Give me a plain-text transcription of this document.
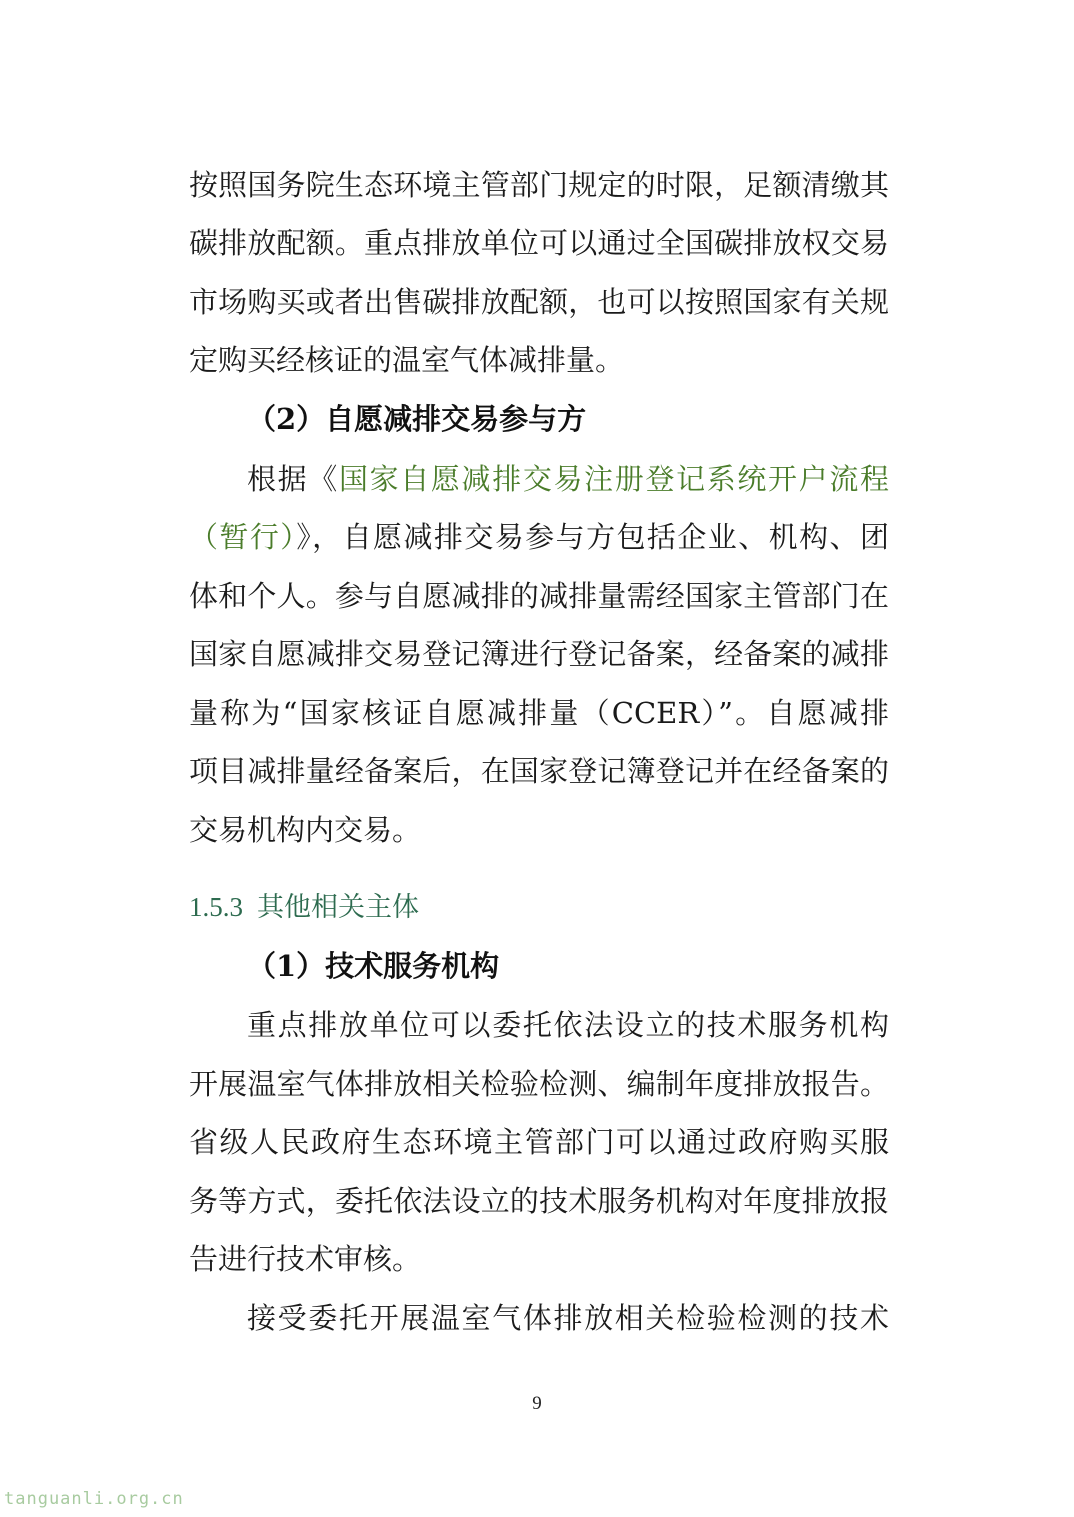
按照国务院生态环境主管部门规定的时限，足额清缴其
碳排放配额。重点排放单位可以通过全国碳排放权交易
市场购买或者出售碳排放配额，也可以按照国家有关规
定购买经核证的温室气体减排量。
（2）自愿减排交易参与方
根据《国家自愿减排交易注册登记系统开户流程
（暂行）》，自愿减排交易参与方包括企业、机构、团
体和个人。参与自愿减排的减排量需经国家主管部门在
国家自愿减排交易登记簿进行登记备案，经备案的减排
量称为“国家核证自愿减排量（CCER）”。自愿减排
项目减排量经备案后，在国家登记簿登记并在经备案的
交易机构内交易。
1.5.3 其他相关主体
（1）技术服务机构
重点排放单位可以委托依法设立的技术服务机构
开展温室气体排放相关检验检测、编制年度排放报告。
省级人民政府生态环境主管部门可以通过政府购买服
务等方式，委托依法设立的技术服务机构对年度排放报
告进行技术审核。
接受委托开展温室气体排放相关检验检测的技术
9
tanguanli.org.cn
